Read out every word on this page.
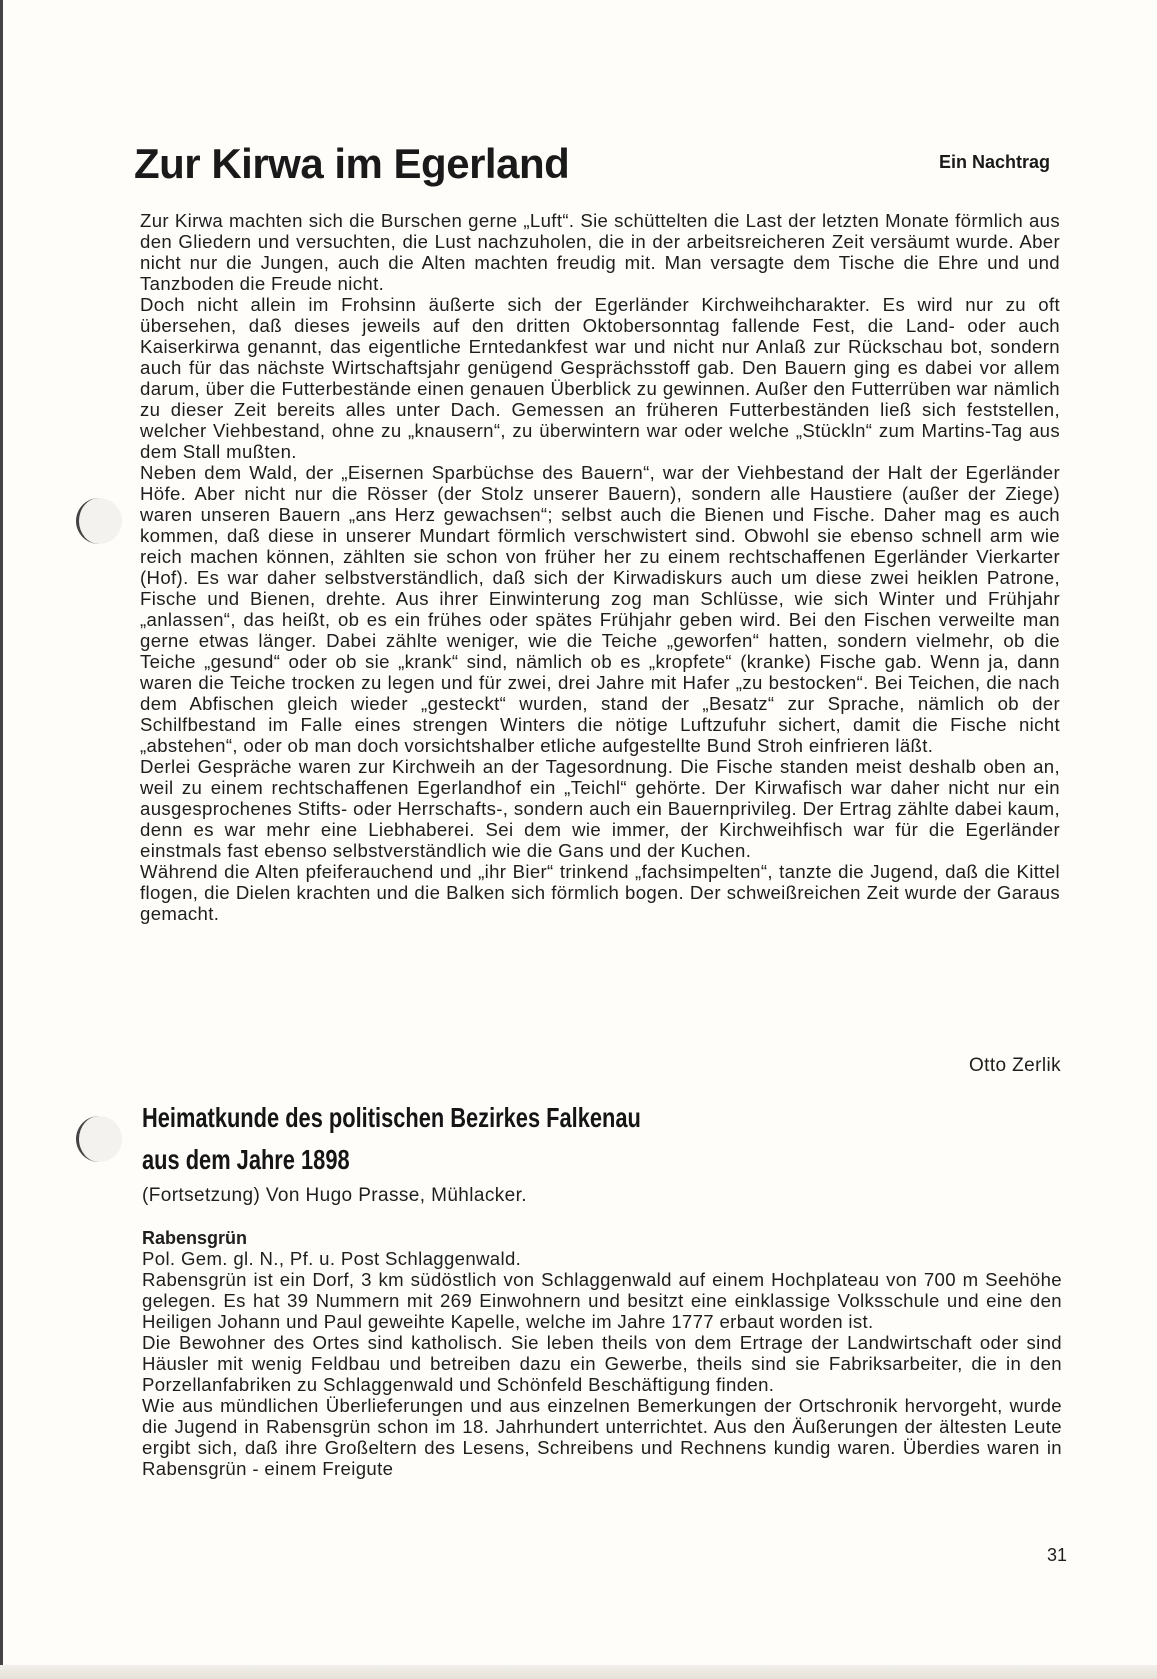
Zur Kirwa im Egerland	Ein Nachtrag

Zur Kirwa machten sich die Burschen gerne „Luft“. Sie schüttelten die Last der letzten Monate förmlich aus den Gliedern und versuchten, die Lust nachzuholen, die in der arbeitsreicheren Zeit versäumt wurde. Aber nicht nur die Jungen, auch die Alten machten freudig mit. Man versagte dem Tische die Ehre und und Tanzboden die Freude nicht.

Doch nicht allein im Frohsinn äußerte sich der Egerländer Kirchweihcharakter. Es wird nur zu oft übersehen, daß dieses jeweils auf den dritten Oktobersonntag fallende Fest, die Land- oder auch Kaiserkirwa genannt, das eigentliche Erntedankfest war und nicht nur Anlaß zur Rückschau bot, sondern auch für das nächste Wirtschaftsjahr genügend Gesprächsstoff gab. Den Bauern ging es dabei vor allem darum, über die Futterbestände einen genauen Überblick zu gewinnen. Außer den Futterrüben war nämlich zu dieser Zeit bereits alles unter Dach. Gemessen an früheren Futterbeständen ließ sich feststellen, welcher Viehbestand, ohne zu „knausern“, zu überwintern war oder welche „Stückln“ zum Martins-Tag aus dem Stall mußten.

Neben dem Wald, der „Eisernen Sparbüchse des Bauern“, war der Viehbestand der Halt der Egerländer Höfe. Aber nicht nur die Rösser (der Stolz unserer Bauern), sondern alle Haustiere (außer der Ziege) waren unseren Bauern „ans Herz gewachsen“; selbst auch die Bienen und Fische. Daher mag es auch kommen, daß diese in unserer Mundart förmlich verschwistert sind. Obwohl sie ebenso schnell arm wie reich machen können, zählten sie schon von früher her zu einem rechtschaffenen Egerländer Vierkarter (Hof). Es war daher selbstverständlich, daß sich der Kirwadiskurs auch um diese zwei heiklen Patrone, Fische und Bienen, drehte. Aus ihrer Einwinterung zog man Schlüsse, wie sich Winter und Frühjahr „anlassen“, das heißt, ob es ein frühes oder spätes Frühjahr geben wird. Bei den Fischen verweilte man gerne etwas länger. Dabei zählte weniger, wie die Teiche „geworfen“ hatten, sondern vielmehr, ob die Teiche „gesund“ oder ob sie „krank“ sind, nämlich ob es „kropfete“ (kranke) Fische gab. Wenn ja, dann waren die Teiche trocken zu legen und für zwei, drei Jahre mit Hafer „zu bestocken“. Bei Teichen, die nach dem Abfischen gleich wieder „gesteckt“ wurden, stand der „Besatz“ zur Sprache, nämlich ob der Schilfbestand im Falle eines strengen Winters die nötige Luftzufuhr sichert, damit die Fische nicht „abstehen“, oder ob man doch vorsichtshalber etliche aufgestellte Bund Stroh einfrieren läßt.

Derlei Gespräche waren zur Kirchweih an der Tagesordnung. Die Fische standen meist deshalb oben an, weil zu einem rechtschaffenen Egerlandhof ein „Teichl“ gehörte. Der Kirwafisch war daher nicht nur ein ausgesprochenes Stifts- oder Herrschafts-, sondern auch ein Bauernprivileg. Der Ertrag zählte dabei kaum, denn es war mehr eine Liebhaberei. Sei dem wie immer, der Kirchweihfisch war für die Egerländer einstmals fast ebenso selbstverständlich wie die Gans und der Kuchen.

Während die Alten pfeiferauchend und „ihr Bier“ trinkend „fachsimpelten“, tanzte die Jugend, daß die Kittel flogen, die Dielen krachten und die Balken sich förmlich bogen. Der schweißreichen Zeit wurde der Garaus gemacht.

Otto Zerlik
Heimatkunde des politischen Bezirkes Falkenau
aus dem Jahre 1898
(Fortsetzung) Von Hugo Prasse, Mühlacker.
Rabensgrün

Pol. Gem. gl. N., Pf. u. Post Schlaggenwald.

Rabensgrün ist ein Dorf, 3 km südöstlich von Schlaggenwald auf einem Hochplateau von 700 m Seehöhe gelegen. Es hat 39 Nummern mit 269 Einwohnern und besitzt eine einklassige Volksschule und eine den Heiligen Johann und Paul geweihte Kapelle, welche im Jahre 1777 erbaut worden ist.

Die Bewohner des Ortes sind katholisch. Sie leben theils von dem Ertrage der Landwirtschaft oder sind Häusler mit wenig Feldbau und betreiben dazu ein Gewerbe, theils sind sie Fabriksarbeiter, die in den Porzellanfabriken zu Schlaggenwald und Schönfeld Beschäftigung finden.

Wie aus mündlichen Überlieferungen und aus einzelnen Bemerkungen der Ortschronik hervorgeht, wurde die Jugend in Rabensgrün schon im 18. Jahrhundert unterrichtet. Aus den Äußerungen der ältesten Leute ergibt sich, daß ihre Großeltern des Lesens, Schreibens und Rechnens kundig waren. Überdies waren in Rabensgrün - einem Freigute

31
